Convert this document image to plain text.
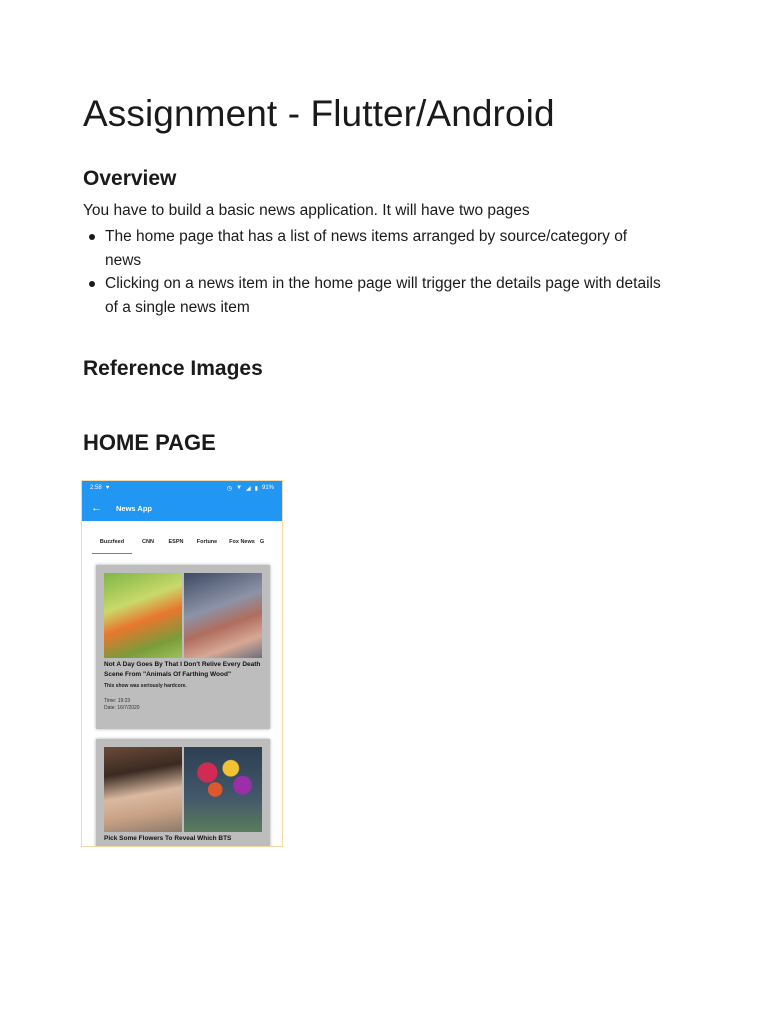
Assignment - Flutter/Android
Overview

You have to build a basic news application. It will have two pages

The home page that has a list of news items arranged by source/category of news
Clicking on a news item in the home page will trigger the details page with details of a single news item
Reference Images
HOME PAGE
2:58 ♥	◷ ▼ ◢ ▮ 91%
← News App
Buzzfeed	CNN	ESPN	Fortune	Fox News G
Not A Day Goes By That I Don't Relive Every Death Scene From "Animals Of Farthing Wood"
This show was seriously hardcore.
Time: 19:23
Date: 16/7/2020
Pick Some Flowers To Reveal Which BTS
